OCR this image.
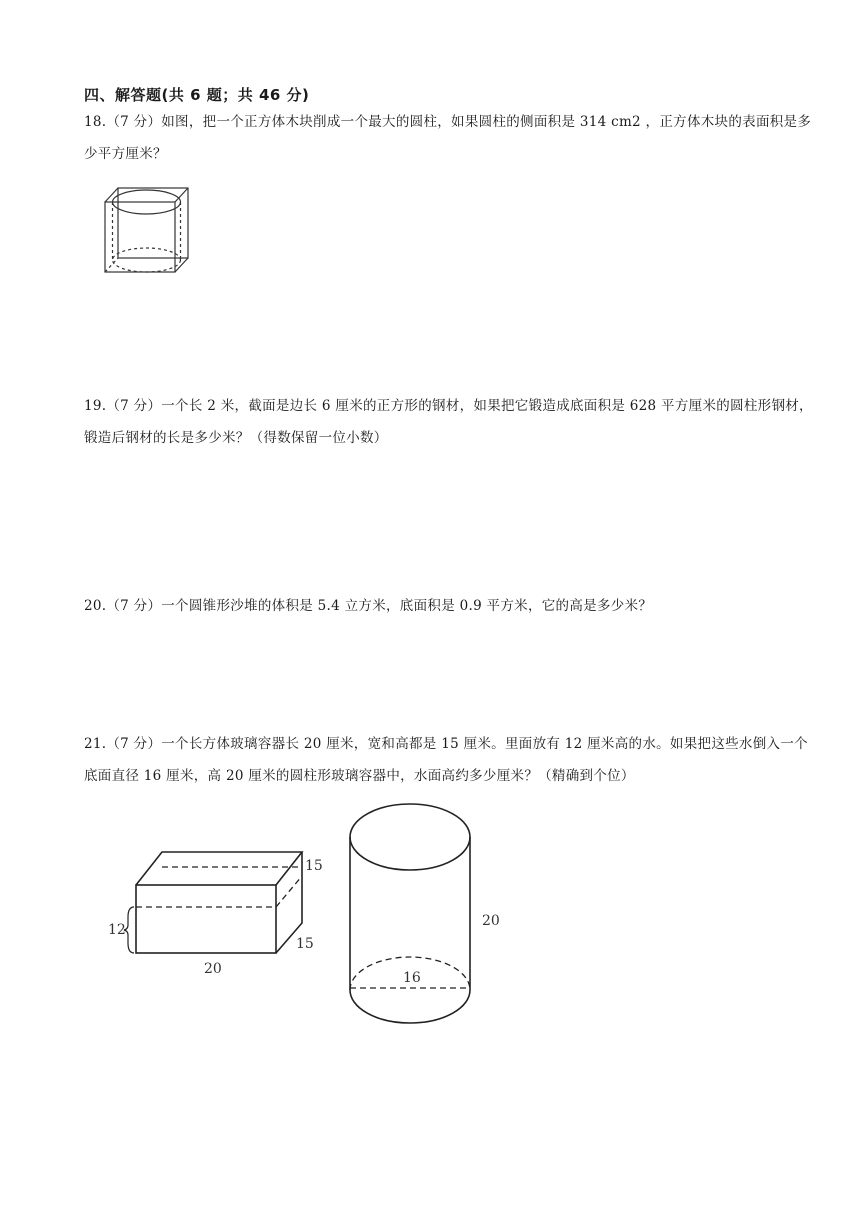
四、解答题(共 6 题；共 46 分)
18.（7 分）如图，把一个正方体木块削成一个最大的圆柱，如果圆柱的侧面积是 314 cm2 ，正方体木块的表面积是多少平方厘米？
19.（7 分）一个长 2 米，截面是边长 6 厘米的正方形的钢材，如果把它锻造成底面积是 628 平方厘米的圆柱形钢材，锻造后钢材的长是多少米？（得数保留一位小数）
20.（7 分）一个圆锥形沙堆的体积是 5.4 立方米，底面积是 0.9 平方米，它的高是多少米？
21.（7 分）一个长方体玻璃容器长 20 厘米，宽和高都是 15 厘米。里面放有 12 厘米高的水。如果把这些水倒入一个底面直径 16 厘米，高 20 厘米的圆柱形玻璃容器中，水面高约多少厘米？（精确到个位）
12
15
15
20
20
16
